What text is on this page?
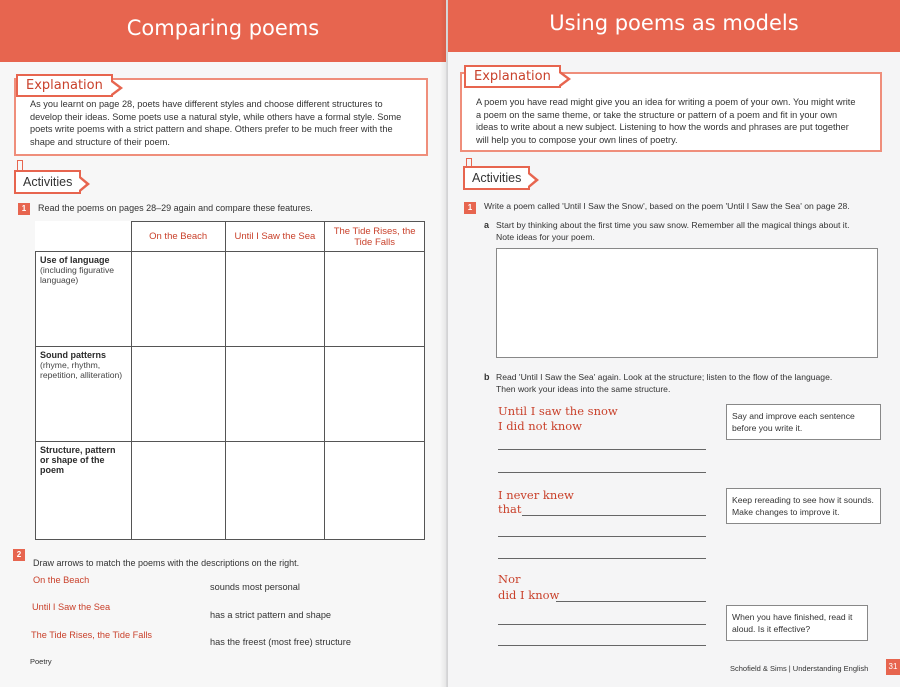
Comparing poems
Explanation
As you learnt on page 28, poets have different styles and choose different structures to
develop their ideas. Some poets use a natural style, while others have a formal style. Some
poets write poems with a strict pattern and shape. Others prefer to be much freer with the
shape and structure of their poem.
Activities
1	Read the poems on pages 28–29 again and compare these features.
	On the Beach	Until I Saw the Sea	The Tide Rises, the Tide Falls

Use of language
(including figurative language)			

Sound patterns
(rhyme, rhythm, repetition, alliteration)			

Structure, pattern or shape of the poem			

2
Draw arrows to match the poems with the descriptions on the right.
On the Beach
Until I Saw the Sea
The Tide Rises, the Tide Falls
sounds most personal
has a strict pattern and shape
has the freest (most free) structure
Poetry
Using poems as models
Explanation
A poem you have read might give you an idea for writing a poem of your own. You might write
a poem on the same theme, or take the structure or pattern of a poem and fit in your own
ideas to write about a new subject. Listening to how the words and phrases are put together
will help you to compose your own lines of poetry.
Activities
1	Write a poem called 'Until I Saw the Snow', based on the poem 'Until I Saw the Sea' on page 28.
a Start by thinking about the first time you saw snow. Remember all the magical things about it.
Note ideas for your poem.
b Read 'Until I Saw the Sea' again. Look at the structure; listen to the flow of the language.
Then work your ideas into the same structure.
Until I saw the snow
I did not know
I never knew
that
Nor
did I know
Say and improve each sentence before you write it.
Keep rereading to see how it sounds. Make changes to improve it.
When you have finished, read it aloud. Is it effective?
Schofield & Sims | Understanding English	31
